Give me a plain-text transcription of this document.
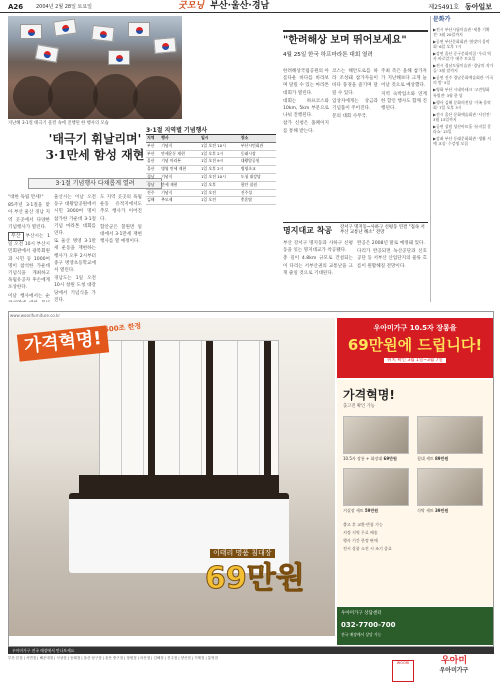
A26	2004년 2월 28일 토요일	굿모닝 부산·울산·경남	제25491호 동아일보
지난해 3·1절 태극기 물결 속에 진행된 한 행사의 모습
'태극기 휘날리며'
3·1만세 함성 재현
3·1절 기념행사 다채롭게 열려

"대한 독립 만세!"

85주년 3·1절을 맞아 부산 울산 경남 지역 곳곳에서 다양한 기념행사가 열린다.

부산 부산시는 1일 오전 10시 부산시민회관에서 광복회원과 시민 등 1000여 명이 참석한 가운데 기념식을 개최하고 독립유공자 후손에게 포상한다.

이날 행사에서는 순

울산시는 이날 오전 동구 대왕암공원에서 시민 3000여 명이 참가한 가운데 3·1절 기념 마라톤 대회를 연다.

또 울산 병영 3·1만세 운동을 재현하는 행사가 오후 2시부터 중구 병영초등학교에서 열린다.

경남도는 1일 오전 10시 창원 도청 대강당에서 기념식을 가진다.

도 지역 곳곳의 독립운동 유적지에서도 추모 행사가 이어진다.

함안군은 칠원면 일대에서 3·1만세 재현 행사를 열 예정이다.

3·1절 지역별 기념행사
지역	행사	일시	장소
부산	기념식	1일 오전 10시	부산시민회관
부산	만세운동 재현	1일 오후 2시	동래시장
울산	기념 마라톤	1일 오전 9시	대왕암공원
울산	병영 만세 재현	1일 오후 2시	병영초교
경남	기념식	1일 오전 10시	도청 대강당
경남	만세 재현	1일 오후	함안 칠원
진주	기념식	1일 오전	진주성
김해	추모제	1일 오전	충혼탑
"한려해상 보며 뛰어보세요"
4월 25일 한국 하프마라톤 대회 열려

한려해상국립공원의 아름다운 바다를 바라보며 달릴 수 있는 마라톤 대회가 열린다.

대회는 하프코스와 10km, 5km 부문으로 나눠 진행된다.

참가 신청은 홈페이지를 통해 받는다.

코스는 해안도로를 따라 조성돼 참가자들이 바다 풍경을 즐기며 달릴 수 있다.

입상자에게는 상금과 기념품이 주어진다.

문의 대회 사무국.

주최 측은 올해 참가자가 지난해보다 크게 늘어날 것으로 예상했다.

지역 숙박업소와 연계한 할인 행사도 함께 진행된다.

명지대교 착공 강서구 명지동~사하구 신평동 연결 "접속 서부산 교통난 해소" 전망

부산 강서구 명지동과 사하구 신평동을 잇는 명지대교가 착공됐다.

총 길이 4.8km 규모로 건설되는 이 다리는 서부산권의 교통난을 크게 줄일 것으로 기대된다.

완공은 2008년 말로 예정돼 있다.

다리가 완공되면 녹산공단과 신호공단 등 서부산 산업단지의 물류 흐름이 원활해질 전망이다.

문화가
▶전시 부산시립미술관 '새봄 기획전' 3월 20일까지
▶공연 부산문화회관 '봄맞이 음악회' 6일 오후 7시
▶강연 울산 중구문화의집 '우리 역사 바로알기' 매주 토요일
▶전시 경남도립미술관 '경남의 작가들' 3월 말까지
▶공연 진주 경남문화예술회관 '가곡의 밤' 5일
▶영화 부산 시네마테크 '고전영화 특별전' 3월 한 달
▶행사 김해 문화의전당 '가족 음악회' 7일 오후 3시
▶전시 울산 문화예술회관 '사진전' 3월 15일까지
▶공연 창원 성산아트홀 '뮤지컬 갈라쇼' 13일
▶강좌 부산 동래문화회관 '생활 서예 교실' 수강생 모집
www.woorifurniture.co.kr
가격혁명! 500조 한정
이태리 명품 침대장
69만원
우아미가구 10.5자 장롱을
69만원에 드립니다!
위치 확인 3월 1일~3월 7일
가격혁명!
출고전 확인 가능
10.5자 장롱 + 화장대 69만원	침대 세트 89만원
거실장 세트 59만원	식탁 세트 39만원
출고 후 교환·반품 가능
지정 지역 무료 배송
행사 기간 한정 판매
전시 상품 소진 시 조기 종료
우아미가구 상담센터
032-7700-700
전국 매장에서 상담 가능
우아미가구 전국 매장에서 만나보세요
부산 본점 | 서면점 | 해운대점 | 사상점 | 동래점 | 울산 남구점 | 울산 중구점 | 창원점 | 마산점 | 김해점 | 진주점 | 양산점 | 거제점 | 통영점
WOORI	우아미
우아미가구
